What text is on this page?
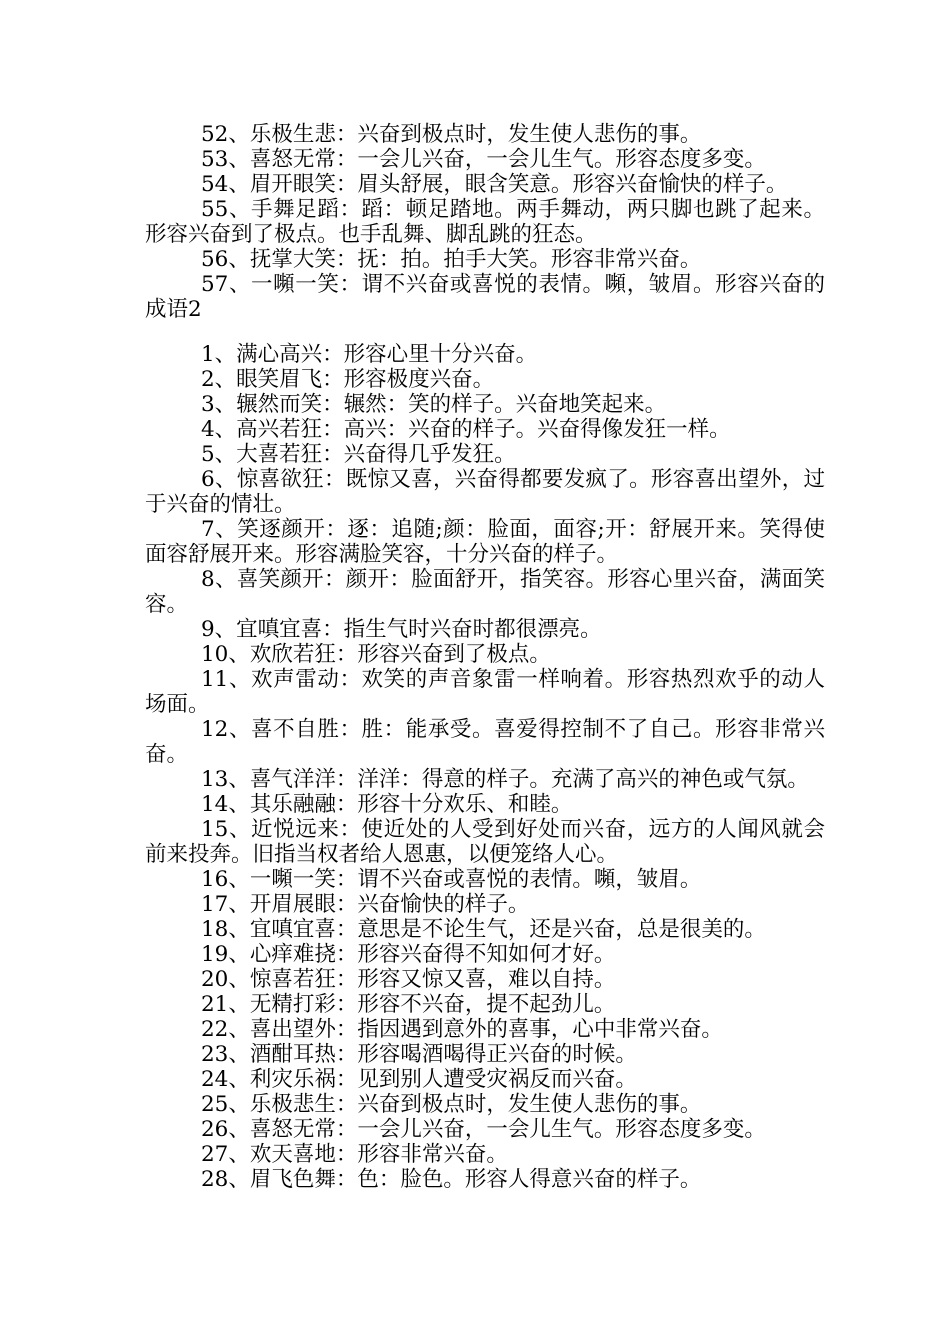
52、乐极生悲：兴奋到极点时，发生使人悲伤的事。

53、喜怒无常：一会儿兴奋，一会儿生气。形容态度多变。

54、眉开眼笑：眉头舒展，眼含笑意。形容兴奋愉快的样子。

55、手舞足蹈：蹈：顿足踏地。两手舞动，两只脚也跳了起来。形容兴奋到了极点。也手乱舞、脚乱跳的狂态。

56、抚掌大笑：抚：拍。拍手大笑。形容非常兴奋。

57、一嚬一笑：谓不兴奋或喜悦的表情。嚬，皱眉。形容兴奋的成语2

1、满心高兴：形容心里十分兴奋。

2、眼笑眉飞：形容极度兴奋。

3、辗然而笑：辗然：笑的样子。兴奋地笑起来。

4、高兴若狂：高兴：兴奋的样子。兴奋得像发狂一样。

5、大喜若狂：兴奋得几乎发狂。

6、惊喜欲狂：既惊又喜，兴奋得都要发疯了。形容喜出望外，过于兴奋的情壮。

7、笑逐颜开：逐：追随;颜：脸面，面容;开：舒展开来。笑得使面容舒展开来。形容满脸笑容，十分兴奋的样子。

8、喜笑颜开：颜开：脸面舒开，指笑容。形容心里兴奋，满面笑容。

9、宜嗔宜喜：指生气时兴奋时都很漂亮。

10、欢欣若狂：形容兴奋到了极点。

11、欢声雷动：欢笑的声音象雷一样响着。形容热烈欢乎的动人场面。

12、喜不自胜：胜：能承受。喜爱得控制不了自己。形容非常兴奋。

13、喜气洋洋：洋洋：得意的样子。充满了高兴的神色或气氛。

14、其乐融融：形容十分欢乐、和睦。

15、近悦远来：使近处的人受到好处而兴奋，远方的人闻风就会前来投奔。旧指当权者给人恩惠，以便笼络人心。

16、一嚬一笑：谓不兴奋或喜悦的表情。嚬，皱眉。

17、开眉展眼：兴奋愉快的样子。

18、宜嗔宜喜：意思是不论生气，还是兴奋，总是很美的。

19、心痒难挠：形容兴奋得不知如何才好。

20、惊喜若狂：形容又惊又喜，难以自持。

21、无精打彩：形容不兴奋，提不起劲儿。

22、喜出望外：指因遇到意外的喜事，心中非常兴奋。

23、酒酣耳热：形容喝酒喝得正兴奋的时候。

24、利灾乐祸：见到别人遭受灾祸反而兴奋。

25、乐极悲生：兴奋到极点时，发生使人悲伤的事。

26、喜怒无常：一会儿兴奋，一会儿生气。形容态度多变。

27、欢天喜地：形容非常兴奋。

28、眉飞色舞：色：脸色。形容人得意兴奋的样子。
